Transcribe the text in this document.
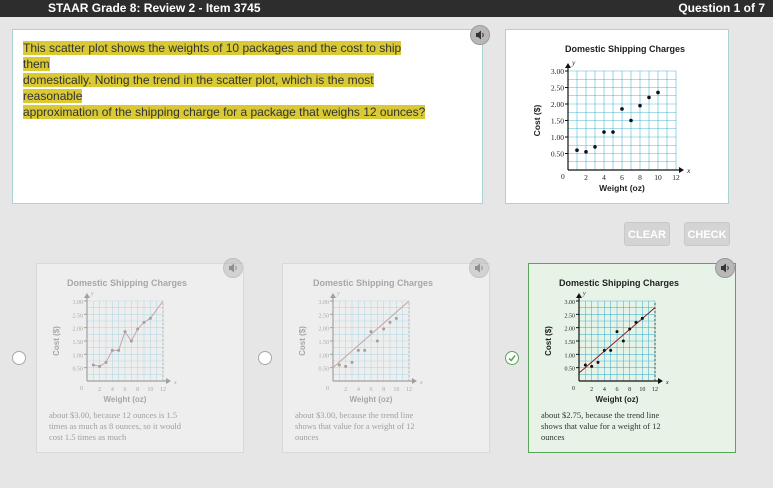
STAAR Grade 8: Review 2 - Item 3745	Question 1 of 7
This scatter plot shows the weights of 10 packages and the cost to ship them
domestically. Noting the trend in the scatter plot, which is the most reasonable
approximation of the shipping charge for a package that weighs 12 ounces?
Domestic Shipping Charges
x
y
0	2 4 6 8 10 12
0.50
1.00
1.50
2.00
2.50
3.00
Weight (oz)
Cost ($)
CLEAR	CHECK
Domestic Shipping Charges
x
y
0	2 4 6 8 10 12
0.50
1.00
1.50
2.00
2.50
3.00
Weight (oz)
Cost ($)
about $3.00, because 12 ounces is 1.5 times as much as 8 ounces, so it would cost 1.5 times as much
Domestic Shipping Charges
x
y
0	2 4 6 8 10 12
0.50
1.00
1.50
2.00
2.50
3.00
Weight (oz)
Cost ($)
about $3.00, because the trend line shows that value for a weight of 12 ounces
Domestic Shipping Charges
x
y
0	2 4 6 8 10 12
0.50
1.00
1.50
2.00
2.50
3.00
Weight (oz)
Cost ($)
about $2.75, because the trend line shows that value for a weight of 12 ounces
